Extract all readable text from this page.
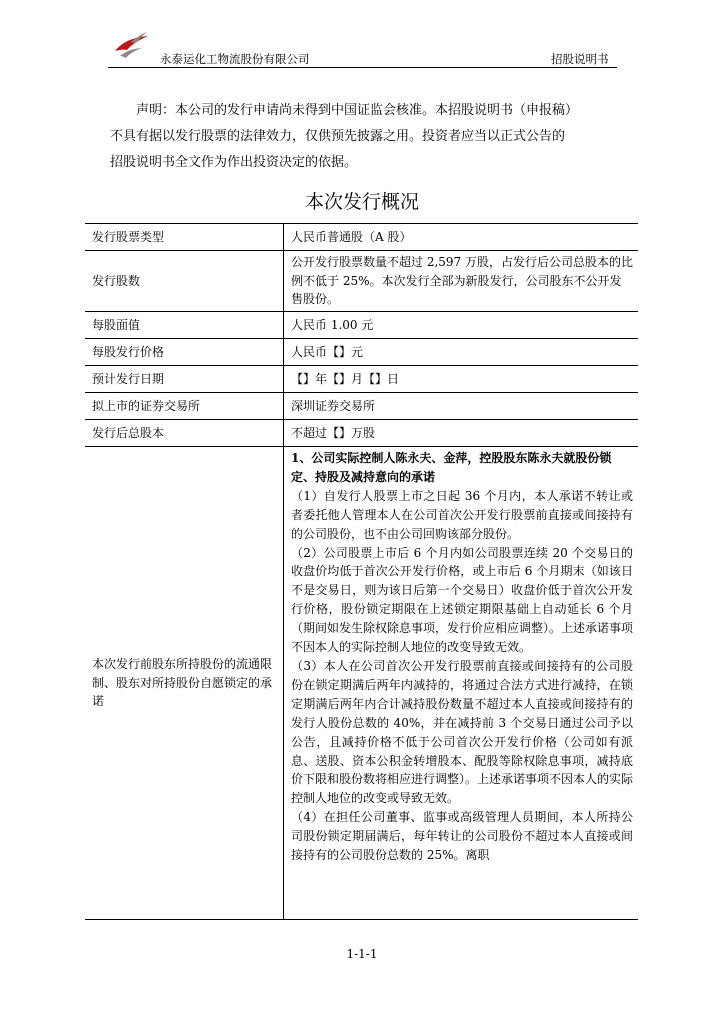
永泰运化工物流股份有限公司	招股说明书
声明：本公司的发行申请尚未得到中国证监会核准。本招股说明书（申报稿）
不具有据以发行股票的法律效力，仅供预先披露之用。投资者应当以正式公告的
招股说明书全文作为作出投资决定的依据。
本次发行概况
发行股票类型	人民币普通股（A 股）
发行股数	公开发行股票数量不超过 2,597 万股，占发行后公司总股本的比例不低于 25%。本次发行全部为新股发行，公司股东不公开发售股份。
每股面值	人民币 1.00 元
每股发行价格	人民币【】元
预计发行日期	【】年【】月【】日
拟上市的证券交易所	深圳证券交易所
发行后总股本	不超过【】万股
本次发行前股东所持股份的流通限制、股东对所持股份自愿锁定的承诺	1、公司实际控制人陈永夫、金萍，控股股东陈永夫就股份锁定、持股及减持意向的承诺
（1）自发行人股票上市之日起 36 个月内，本人承诺不转让或者委托他人管理本人在公司首次公开发行股票前直接或间接持有的公司股份，也不由公司回购该部分股份。
（2）公司股票上市后 6 个月内如公司股票连续 20 个交易日的收盘价均低于首次公开发行价格，或上市后 6 个月期末（如该日不是交易日，则为该日后第一个交易日）收盘价低于首次公开发行价格，股份锁定期限在上述锁定期限基础上自动延长 6 个月（期间如发生除权除息事项，发行价应相应调整）。上述承诺事项不因本人的实际控制人地位的改变导致无效。
（3）本人在公司首次公开发行股票前直接或间接持有的公司股份在锁定期满后两年内减持的，将通过合法方式进行减持，在锁定期满后两年内合计减持股份数量不超过本人直接或间接持有的发行人股份总数的 40%，并在减持前 3 个交易日通过公司予以公告，且减持价格不低于公司首次公开发行价格（公司如有派息、送股、资本公积金转增股本、配股等除权除息事项，减持底价下限和股份数将相应进行调整）。上述承诺事项不因本人的实际控制人地位的改变或导致无效。
（4）在担任公司董事、监事或高级管理人员期间，本人所持公司股份锁定期届满后，每年转让的公司股份不超过本人直接或间接持有的公司股份总数的 25%。离职
1-1-1
